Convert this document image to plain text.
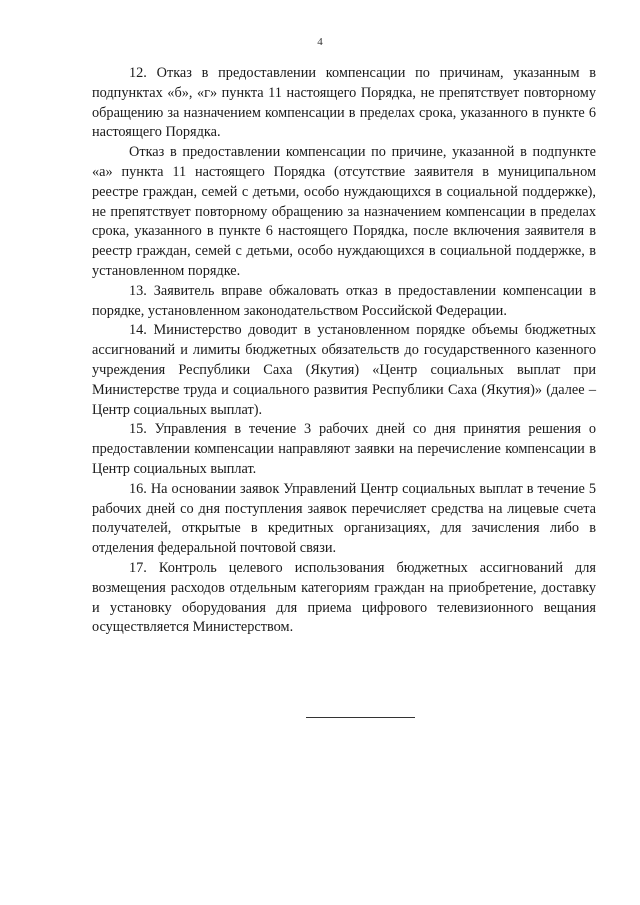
4

12. Отказ в предоставлении компенсации по причинам, указанным в подпунктах «б», «г» пункта 11 настоящего Порядка, не препятствует повторному обращению за назначением компенсации в пределах срока, указанного в пункте 6 настоящего Порядка.

Отказ в предоставлении компенсации по причине, указанной в подпункте «а» пункта 11 настоящего Порядка (отсутствие заявителя в муниципальном реестре граждан, семей с детьми, особо нуждающихся в социальной поддержке), не препятствует повторному обращению за назначением компенсации в пределах срока, указанного в пункте 6 настоящего Порядка, после включения заявителя в реестр граждан, семей с детьми, особо нуждающихся в социальной поддержке, в установленном порядке.

13. Заявитель вправе обжаловать отказ в предоставлении компенсации в порядке, установленном законодательством Российской Федерации.

14. Министерство доводит в установленном порядке объемы бюджетных ассигнований и лимиты бюджетных обязательств до государственного казенного учреждения Республики Саха (Якутия) «Центр социальных выплат при Министерстве труда и социального развития Республики Саха (Якутия)» (далее – Центр социальных выплат).

15. Управления в течение 3 рабочих дней со дня принятия решения о предоставлении компенсации направляют заявки на перечисление компенсации в Центр социальных выплат.

16. На основании заявок Управлений Центр социальных выплат в течение 5 рабочих дней со дня поступления заявок перечисляет средства на лицевые счета получателей, открытые в кредитных организациях, для зачисления либо в отделения федеральной почтовой связи.

17. Контроль целевого использования бюджетных ассигнований для возмещения расходов отдельным категориям граждан на приобретение, доставку и установку оборудования для приема цифрового телевизионного вещания осуществляется Министерством.
